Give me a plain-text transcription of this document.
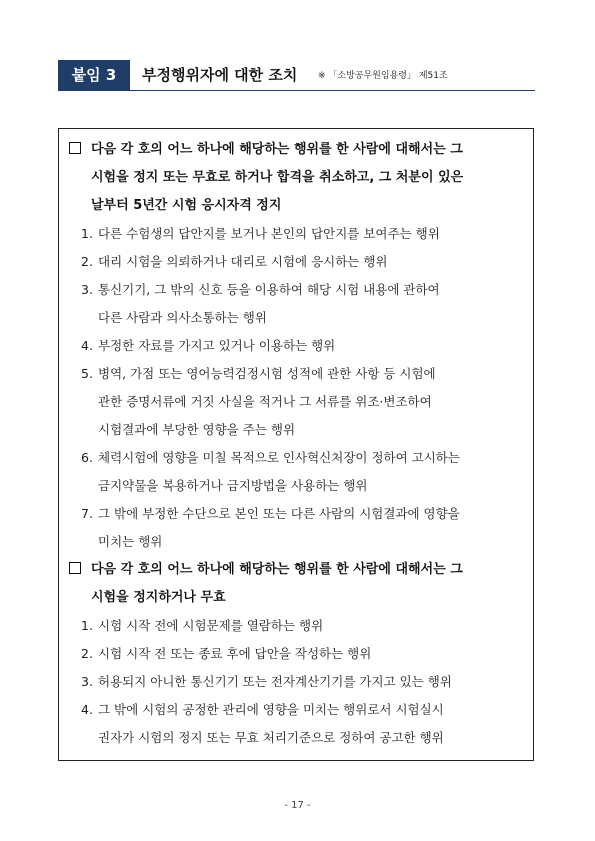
붙임 3	부정행위자에 대한 조치 ※ 「소방공무원임용령」 제51조
다음 각 호의 어느 하나에 해당하는 행위를 한 사람에 대해서는 그
시험을 정지 또는 무효로 하거나 합격을 취소하고, 그 처분이 있은
날부터 5년간 시험 응시자격 정지
1. 다른 수험생의 답안지를 보거나 본인의 답안지를 보여주는 행위
2. 대리 시험을 의뢰하거나 대리로 시험에 응시하는 행위
3. 통신기기, 그 밖의 신호 등을 이용하여 해당 시험 내용에 관하여
다른 사람과 의사소통하는 행위
4. 부정한 자료를 가지고 있거나 이용하는 행위
5. 병역, 가점 또는 영어능력검정시험 성적에 관한 사항 등 시험에
관한 증명서류에 거짓 사실을 적거나 그 서류를 위조·변조하여
시험결과에 부당한 영향을 주는 행위
6. 체력시험에 영향을 미칠 목적으로 인사혁신처장이 정하여 고시하는
금지약물을 복용하거나 금지방법을 사용하는 행위
7. 그 밖에 부정한 수단으로 본인 또는 다른 사람의 시험결과에 영향을
미치는 행위
다음 각 호의 어느 하나에 해당하는 행위를 한 사람에 대해서는 그
시험을 정지하거나 무효
1. 시험 시작 전에 시험문제를 열람하는 행위
2. 시험 시작 전 또는 종료 후에 답안을 작성하는 행위
3. 허용되지 아니한 통신기기 또는 전자계산기기를 가지고 있는 행위
4. 그 밖에 시험의 공정한 관리에 영향을 미치는 행위로서 시험실시
권자가 시험의 정지 또는 무효 처리기준으로 정하여 공고한 행위
- 17 -
